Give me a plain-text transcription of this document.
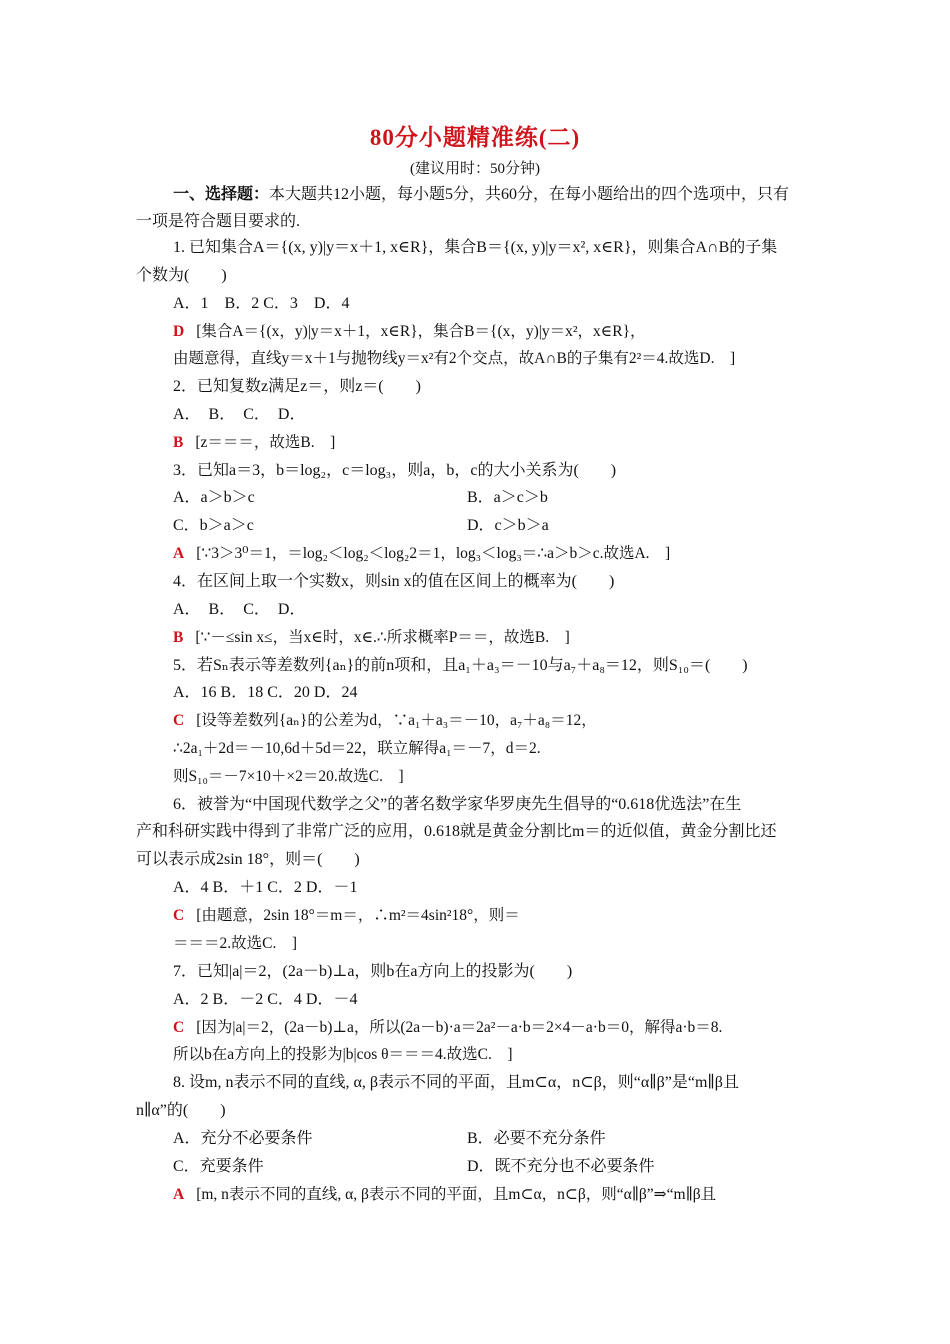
80分小题精准练(二)
(建议用时：50分钟)
一、选择题：本大题共12小题，每小题5分，共60分，在每小题给出的四个选项中，只有
一项是符合题目要求的.
1. 已知集合A＝{(x, y)|y＝x＋1, x∈R}，集合B＝{(x, y)|y＝x², x∈R}，则集合A∩B的子集
个数为(　　)
A．1　B．2 C．3　D．4
D [集合A＝{(x，y)|y＝x＋1，x∈R}，集合B＝{(x，y)|y＝x²，x∈R}，
由题意得，直线y＝x＋1与抛物线y＝x²有2个交点，故A∩B的子集有2²＝4.故选D.　]
2．已知复数z满足z＝，则z＝(　　)
A．　B．　C．　D．
B [z＝＝＝，故选B.　]
3．已知a＝3，b＝log₂，c＝log₃，则a，b，c的大小关系为(　　)
A．a＞b＞c	B．a＞c＞b
C．b＞a＞c	D．c＞b＞a
A [∵3＞3⁰＝1，＝log₂＜log₂＜log₂2＝1，log₃＜log₃＝∴a＞b＞c.故选A.　]
4．在区间上取一个实数x，则sin x的值在区间上的概率为(　　)
A．　B．　C．　D．
B [∵－≤sin x≤，当x∈时，x∈.∴所求概率P＝＝，故选B.　]
5．若Sₙ表示等差数列{aₙ}的前n项和，且a₁＋a₃＝－10与a₇＋a₈＝12，则S₁₀＝(　　)
A．16 B．18 C．20 D．24
C [设等差数列{aₙ}的公差为d，∵a₁＋a₃＝－10，a₇＋a₈＝12，
∴2a₁＋2d＝－10,6d＋5d＝22，联立解得a₁＝－7，d＝2.
则S₁₀＝－7×10＋×2＝20.故选C.　]
6．被誉为“中国现代数学之父”的著名数学家华罗庚先生倡导的“0.618优选法”在生
产和科研实践中得到了非常广泛的应用，0.618就是黄金分割比m＝的近似值，黄金分割比还
可以表示成2sin 18°，则＝(　　)
A．4 B．＋1 C．2 D．－1
C [由题意，2sin 18°＝m＝，∴m²＝4sin²18°，则＝
＝＝＝2.故选C.　]
7．已知|a|＝2，(2a－b)⊥a，则b在a方向上的投影为(　　)
A．2 B．－2 C．4 D．－4
C [因为|a|＝2，(2a－b)⊥a，所以(2a－b)·a＝2a²－a·b＝2×4－a·b＝0，解得a·b＝8.
所以b在a方向上的投影为|b|cos θ＝＝＝4.故选C.　]
8. 设m, n表示不同的直线, α, β表示不同的平面，且m⊂α，n⊂β，则“α∥β”是“m∥β且
n∥α”的(　　)
A．充分不必要条件	B．必要不充分条件
C．充要条件	D．既不充分也不必要条件
A [m, n表示不同的直线, α, β表示不同的平面，且m⊂α，n⊂β，则“α∥β”⇒“m∥β且
